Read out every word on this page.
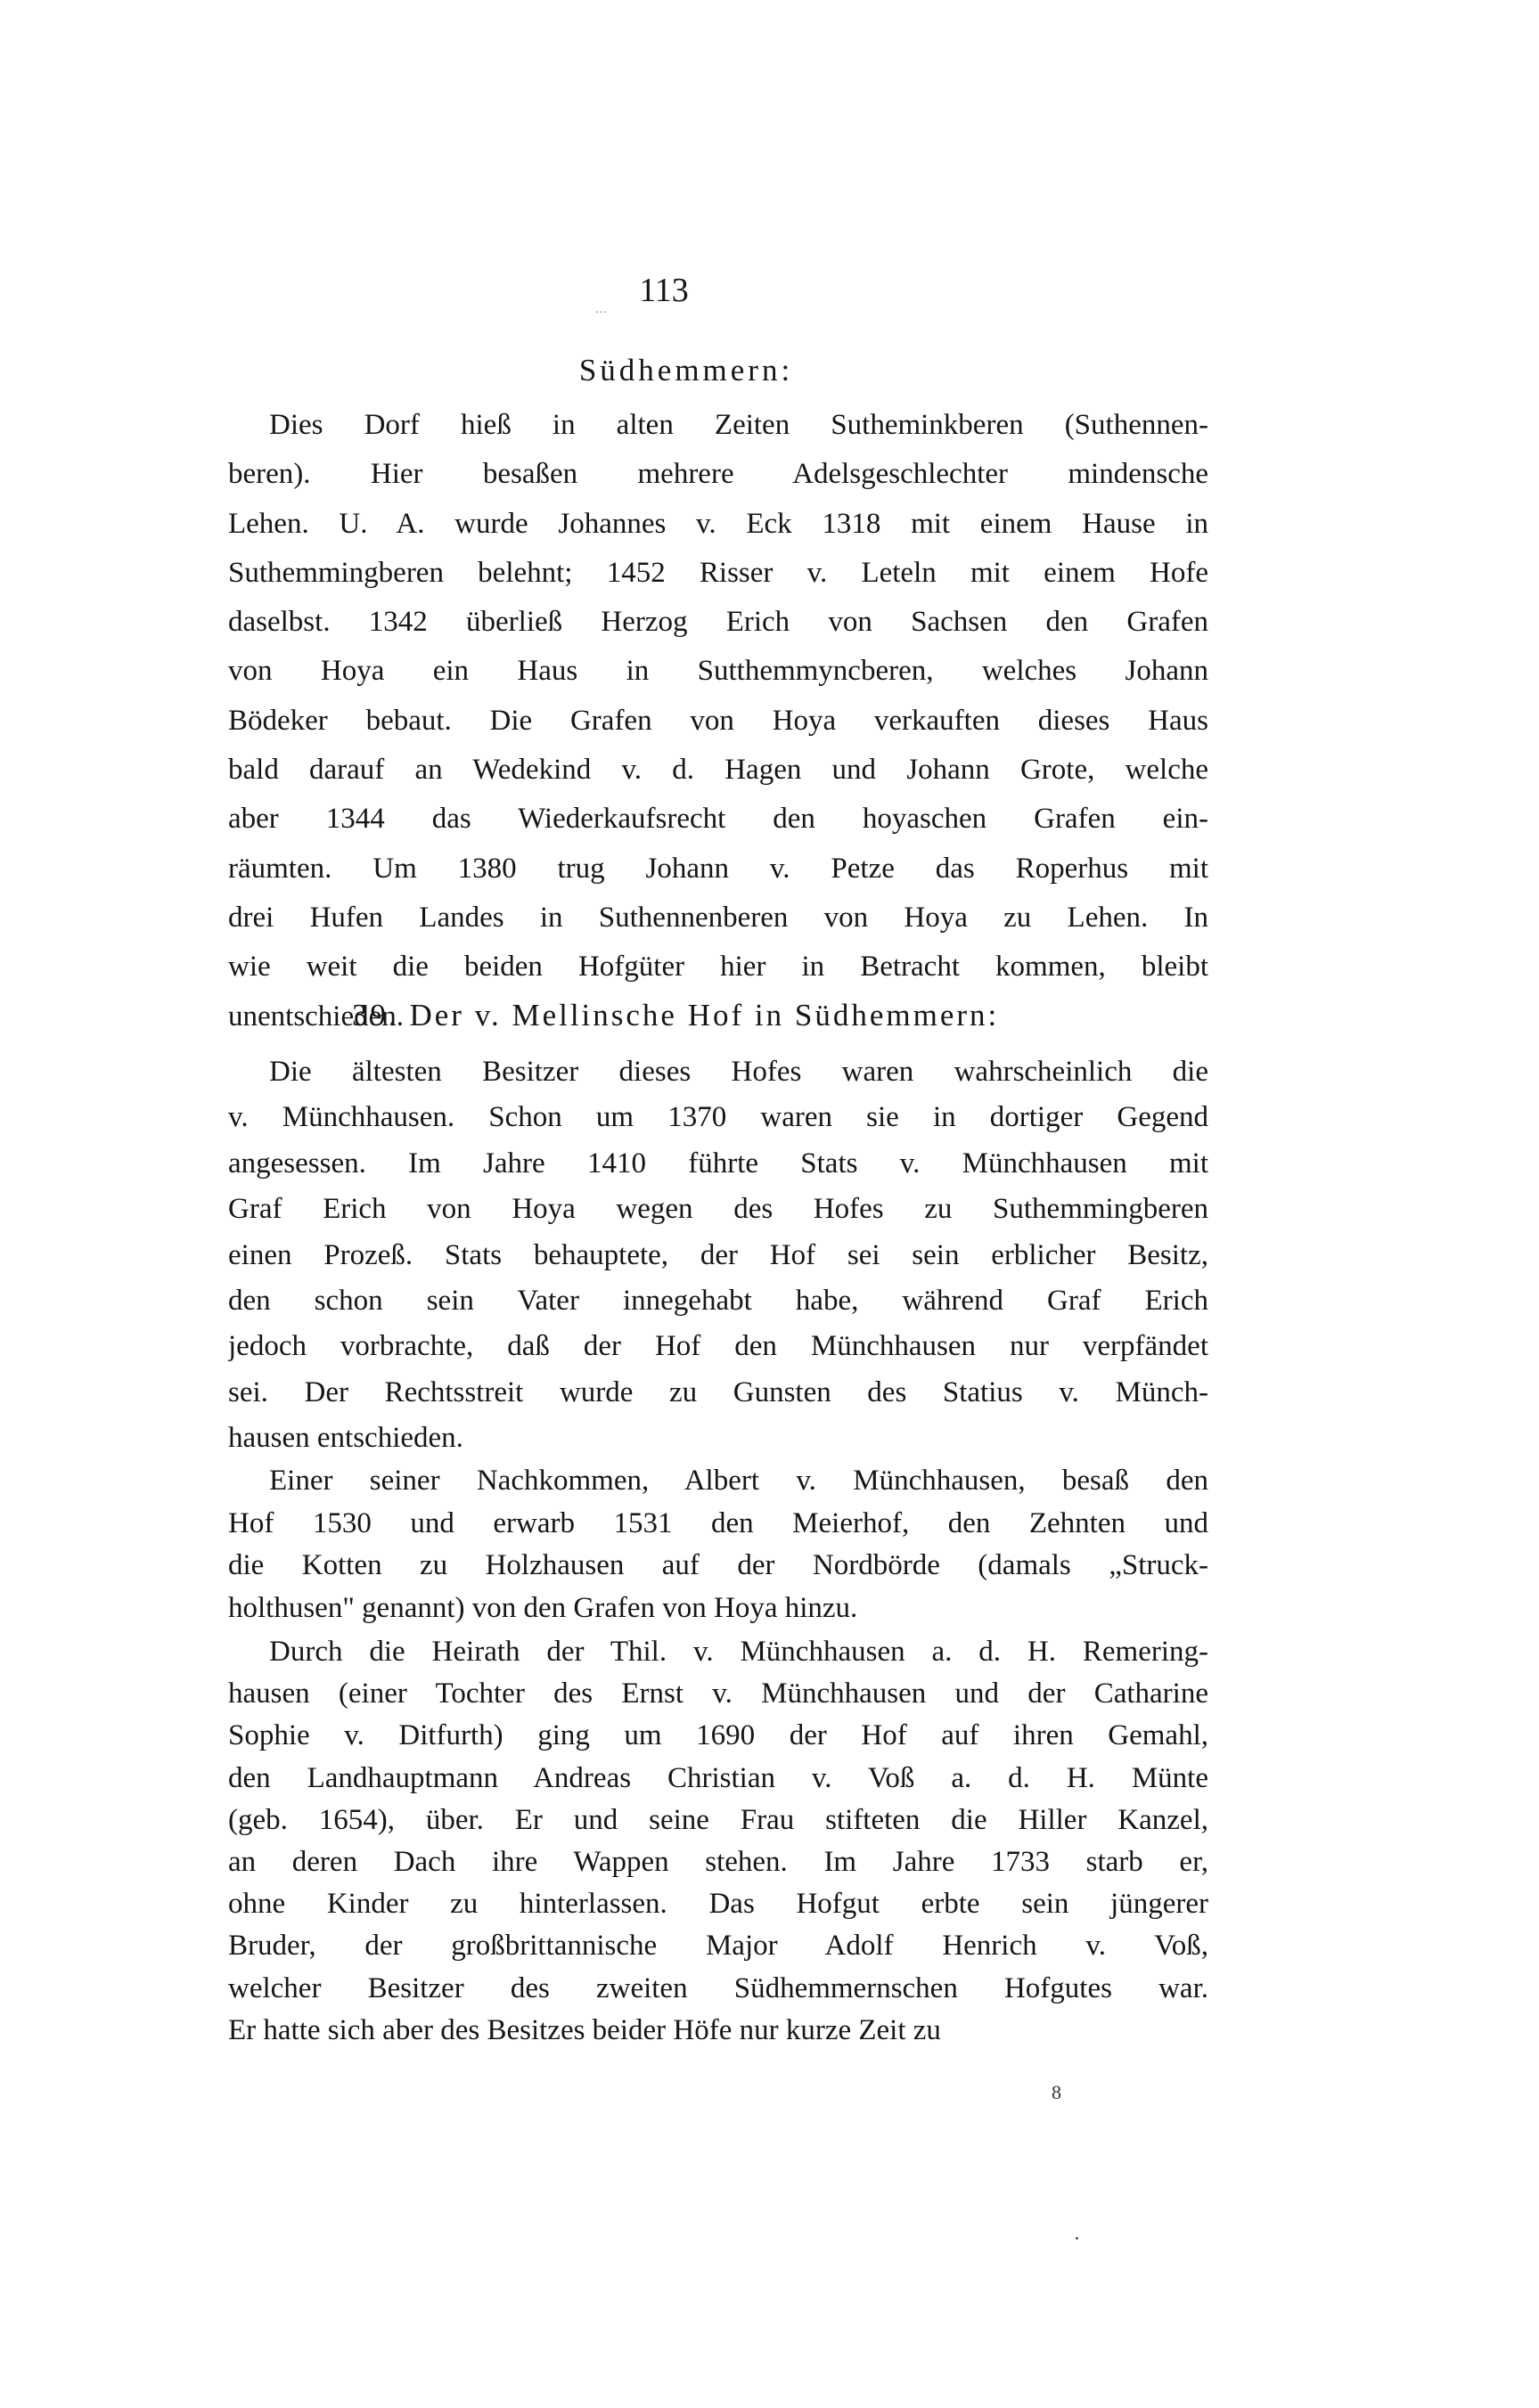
113
...
Südhemmern:
Dies Dorf hieß in alten Zeiten Sutheminkberen (Suthennen-
beren). Hier besaßen mehrere Adelsgeschlechter mindensche
Lehen. U. A. wurde Johannes v. Eck 1318 mit einem Hause in
Suthemmingberen belehnt; 1452 Risser v. Leteln mit einem Hofe
daselbst. 1342 überließ Herzog Erich von Sachsen den Grafen
von Hoya ein Haus in Sutthemmyncberen, welches Johann
Bödeker bebaut. Die Grafen von Hoya verkauften dieses Haus
bald darauf an Wedekind v. d. Hagen und Johann Grote, welche
aber 1344 das Wiederkaufsrecht den hoyaschen Grafen ein-
räumten. Um 1380 trug Johann v. Petze das Roperhus mit
drei Hufen Landes in Suthennenberen von Hoya zu Lehen. In
wie weit die beiden Hofgüter hier in Betracht kommen, bleibt
unentschieden.
39. Der v. Mellinsche Hof in Südhemmern:
Die ältesten Besitzer dieses Hofes waren wahrscheinlich die
v. Münchhausen. Schon um 1370 waren sie in dortiger Gegend
angesessen. Im Jahre 1410 führte Stats v. Münchhausen mit
Graf Erich von Hoya wegen des Hofes zu Suthemmingberen
einen Prozeß. Stats behauptete, der Hof sei sein erblicher Besitz,
den schon sein Vater innegehabt habe, während Graf Erich
jedoch vorbrachte, daß der Hof den Münchhausen nur verpfändet
sei. Der Rechtsstreit wurde zu Gunsten des Statius v. Münch-
hausen entschieden.
Einer seiner Nachkommen, Albert v. Münchhausen, besaß den
Hof 1530 und erwarb 1531 den Meierhof, den Zehnten und
die Kotten zu Holzhausen auf der Nordbörde (damals „Struck-
holthusen" genannt) von den Grafen von Hoya hinzu.
Durch die Heirath der Thil. v. Münchhausen a. d. H. Remering-
hausen (einer Tochter des Ernst v. Münchhausen und der Catharine
Sophie v. Ditfurth) ging um 1690 der Hof auf ihren Gemahl,
den Landhauptmann Andreas Christian v. Voß a. d. H. Münte
(geb. 1654), über. Er und seine Frau stifteten die Hiller Kanzel,
an deren Dach ihre Wappen stehen. Im Jahre 1733 starb er,
ohne Kinder zu hinterlassen. Das Hofgut erbte sein jüngerer
Bruder, der großbrittannische Major Adolf Henrich v. Voß,
welcher Besitzer des zweiten Südhemmernschen Hofgutes war.
Er hatte sich aber des Besitzes beider Höfe nur kurze Zeit zu
8
